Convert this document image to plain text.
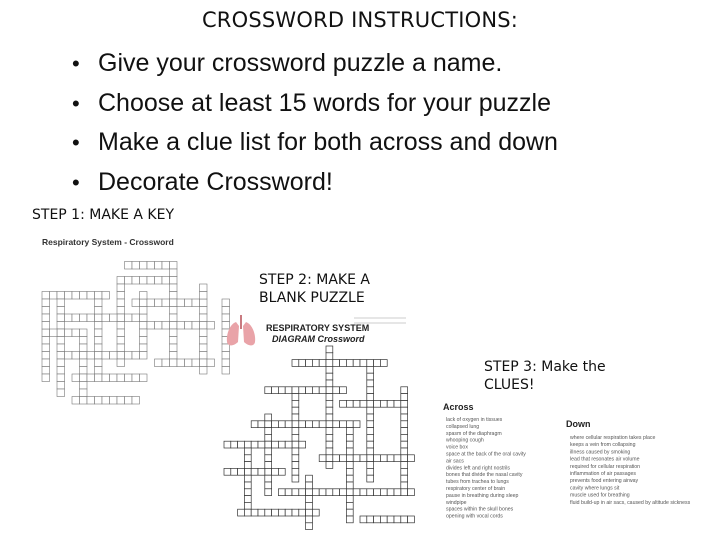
CROSSWORD INSTRUCTIONS:
• Give your crossword puzzle a name.
• Choose at least 15 words for your puzzle
• Make a clue list for both across and down
• Decorate Crossword!
STEP 1: MAKE A KEY
Respiratory System - Crossword
STEP 2: MAKE A
BLANK PUZZLE
RESPIRATORY SYSTEM
DIAGRAM Crossword
STEP 3: Make the
CLUES!
Across
Down
lack of oxygen in tissues
collapsed lung
spasm of the diaphragm
whooping cough
voice box
space at the back of the oral cavity
air sacs
divides left and right nostrils
bones that divide the nasal cavity
tubes from trachea to lungs
respiratory center of brain
pause in breathing during sleep
windpipe
spaces within the skull bones
opening with vocal cords
where cellular respiration takes place
keeps a vein from collapsing
illness caused by smoking
lead that resonates air volume
required for cellular respiration
inflammation of air passages
prevents food entering airway
cavity where lungs sit
muscle used for breathing
fluid build-up in air sacs, caused by altitude sickness
